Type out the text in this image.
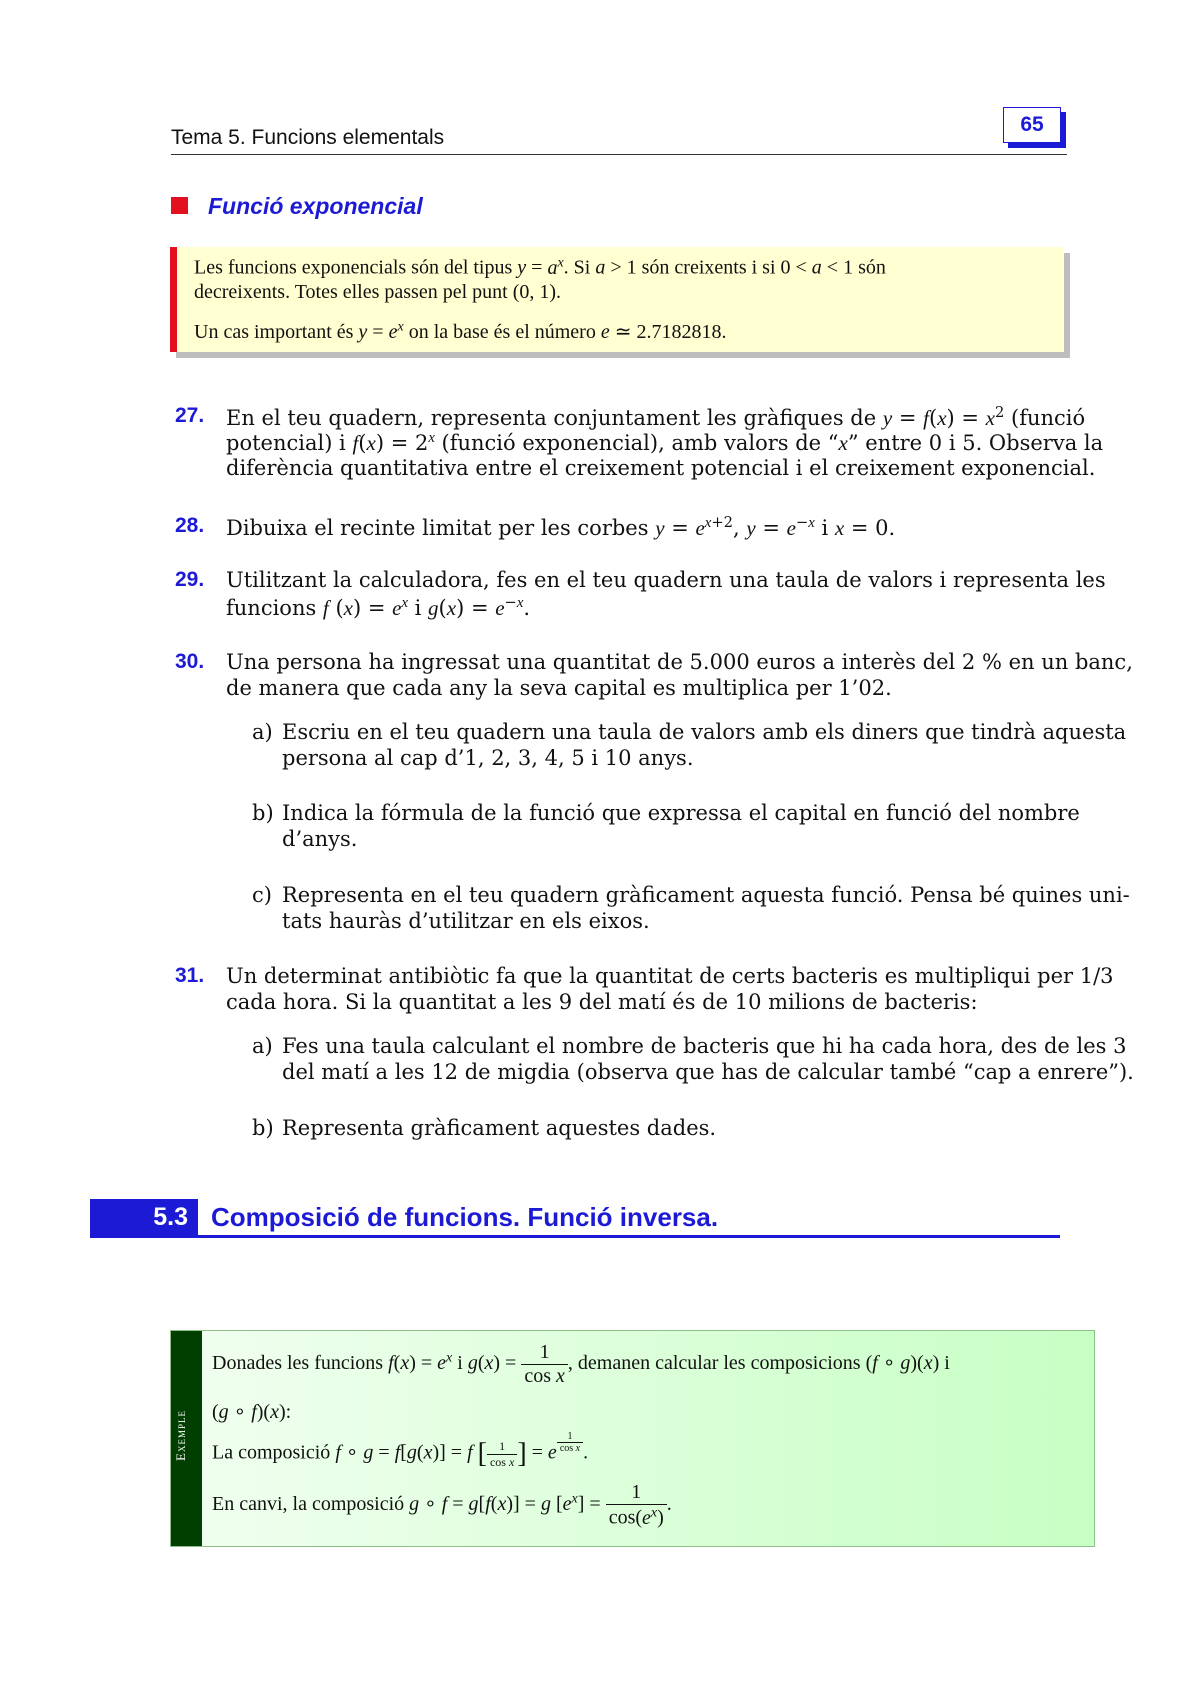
Tema 5. Funcions elementals
65
Funció exponencial
Les funcions exponencials són del tipus $y = a^x$. Si a > 1 són creixents i si 0 < a < 1 són
decreixents. Totes elles passen pel punt (0, 1).
Un cas important és $y = e^x$ on la base és el número e ≃ 2.7182818.
27. En el teu quadern, representa conjuntament les gràfiques de $y = f(x) = x^2$ (funció
potencial) i $f(x) = 2^x$ (funció exponencial), amb valors de “x” entre 0 i 5. Observa la
diferència quantitativa entre el creixement potencial i el creixement exponencial.
28. Dibuixa el recinte limitat per les corbes $y = e^{x+2}$, $y = e^{-x}$ i x = 0.
29. Utilitzant la calculadora, fes en el teu quadern una taula de valors i representa les
funcions f $(x) = e^x$ i $g(x) = e^{-x}$.
30. Una persona ha ingressat una quantitat de 5.000 euros a interès del 2 % en un banc,
de manera que cada any la seva capital es multiplica per 1’02.
a) Escriu en el teu quadern una taula de valors amb els diners que tindrà aquesta
persona al cap d’1, 2, 3, 4, 5 i 10 anys.
b) Indica la fórmula de la funció que expressa el capital en funció del nombre
d’anys.
c) Representa en el teu quadern gràficament aquesta funció. Pensa bé quines uni-
tats hauràs d’utilitzar en els eixos.
31. Un determinat antibiòtic fa que la quantitat de certs bacteris es multipliqui per 1/3
cada hora. Si la quantitat a les 9 del matí és de 10 milions de bacteris:
a) Fes una taula calculant el nombre de bacteris que hi ha cada hora, des de les 3
del matí a les 12 de migdia (observa que has de calcular també “cap a enrere”).
b) Representa gràficament aquestes dades.
5.3 Composició de funcions. Funció inversa.
Exemple
Donades les funcions $f(x) = e^x$ i $g(x) = \frac{1}{\text{cos x}}$ , demanen calcular les composicions (f ∘ g)(x) i
(g ∘ f)(x):
La composició f ∘ g = f[g(x)] = f [ $\frac{1}{\text{cos x}}$ ] = e $\frac{1}{\text{cos x}}$ .
En canvi, la composició g ∘ f = g[f(x)] = g $[e^x] = \frac{1}{\cos(e^x)}$ .
